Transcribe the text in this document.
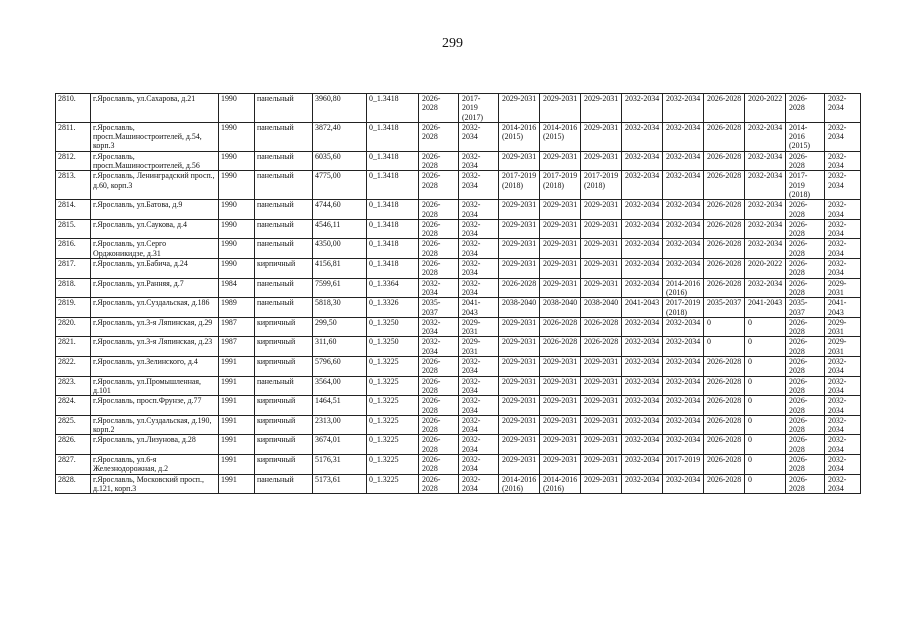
299
2810.	г.Ярославль, ул.Сахарова, д.21	1990	панельный	3960,80	0_1.3418	2026-2028	2017-2019 (2017)	2029-2031	2029-2031	2029-2031	2032-2034	2032-2034	2026-2028	2020-2022	2026-2028	2032-2034
2811.	г.Ярославль, просп.Машиностроителей, д.54, корп.3	1990	панельный	3872,40	0_1.3418	2026-2028	2032-2034	2014-2016 (2015)	2014-2016 (2015)	2029-2031	2032-2034	2032-2034	2026-2028	2032-2034	2014-2016 (2015)	2032-2034
2812.	г.Ярославль, просп.Машиностроителей, д.56	1990	панельный	6035,60	0_1.3418	2026-2028	2032-2034	2029-2031	2029-2031	2029-2031	2032-2034	2032-2034	2026-2028	2032-2034	2026-2028	2032-2034
2813.	г.Ярославль, Ленинградский просп., д.60, корп.3	1990	панельный	4775,00	0_1.3418	2026-2028	2032-2034	2017-2019 (2018)	2017-2019 (2018)	2017-2019 (2018)	2032-2034	2032-2034	2026-2028	2032-2034	2017-2019 (2018)	2032-2034
2814.	г.Ярославль, ул.Батова, д.9	1990	панельный	4744,60	0_1.3418	2026-2028	2032-2034	2029-2031	2029-2031	2029-2031	2032-2034	2032-2034	2026-2028	2032-2034	2026-2028	2032-2034
2815.	г.Ярославль, ул.Саукова, д.4	1990	панельный	4546,11	0_1.3418	2026-2028	2032-2034	2029-2031	2029-2031	2029-2031	2032-2034	2032-2034	2026-2028	2032-2034	2026-2028	2032-2034
2816.	г.Ярославль, ул.Серго Орджоникидзе, д.31	1990	панельный	4350,00	0_1.3418	2026-2028	2032-2034	2029-2031	2029-2031	2029-2031	2032-2034	2032-2034	2026-2028	2032-2034	2026-2028	2032-2034
2817.	г.Ярославль, ул.Бабича, д.24	1990	кирпичный	4156,81	0_1.3418	2026-2028	2032-2034	2029-2031	2029-2031	2029-2031	2032-2034	2032-2034	2026-2028	2020-2022	2026-2028	2032-2034
2818.	г.Ярославль, ул.Ранняя, д.7	1984	панельный	7599,61	0_1.3364	2032-2034	2032-2034	2026-2028	2029-2031	2029-2031	2032-2034	2014-2016 (2016)	2026-2028	2032-2034	2026-2028	2029-2031
2819.	г.Ярославль, ул.Суздальская, д.186	1989	панельный	5818,30	0_1.3326	2035-2037	2041-2043	2038-2040	2038-2040	2038-2040	2041-2043	2017-2019 (2018)	2035-2037	2041-2043	2035-2037	2041-2043
2820.	г.Ярославль, ул.3-я Ляпинская, д.29	1987	кирпичный	299,50	0_1.3250	2032-2034	2029-2031	2029-2031	2026-2028	2026-2028	2032-2034	2032-2034	0	0	2026-2028	2029-2031
2821.	г.Ярославль, ул.3-я Ляпинская, д.23	1987	кирпичный	311,60	0_1.3250	2032-2034	2029-2031	2029-2031	2026-2028	2026-2028	2032-2034	2032-2034	0	0	2026-2028	2029-2031
2822.	г.Ярославль, ул.Зелинского, д.4	1991	кирпичный	5796,60	0_1.3225	2026-2028	2032-2034	2029-2031	2029-2031	2029-2031	2032-2034	2032-2034	2026-2028	0	2026-2028	2032-2034
2823.	г.Ярославль, ул.Промышленная, д.101	1991	панельный	3564,00	0_1.3225	2026-2028	2032-2034	2029-2031	2029-2031	2029-2031	2032-2034	2032-2034	2026-2028	0	2026-2028	2032-2034
2824.	г.Ярославль, просп.Фрунзе, д.77	1991	кирпичный	1464,51	0_1.3225	2026-2028	2032-2034	2029-2031	2029-2031	2029-2031	2032-2034	2032-2034	2026-2028	0	2026-2028	2032-2034
2825.	г.Ярославль, ул.Суздальская, д.190, корп.2	1991	кирпичный	2313,00	0_1.3225	2026-2028	2032-2034	2029-2031	2029-2031	2029-2031	2032-2034	2032-2034	2026-2028	0	2026-2028	2032-2034
2826.	г.Ярославль, ул.Лизунова, д.28	1991	кирпичный	3674,01	0_1.3225	2026-2028	2032-2034	2029-2031	2029-2031	2029-2031	2032-2034	2032-2034	2026-2028	0	2026-2028	2032-2034
2827.	г.Ярославль, ул.6-я Железнодорожная, д.2	1991	кирпичный	5176,31	0_1.3225	2026-2028	2032-2034	2029-2031	2029-2031	2029-2031	2032-2034	2017-2019	2026-2028	0	2026-2028	2032-2034
2828.	г.Ярославль, Московский просп., д.121, корп.3	1991	панельный	5173,61	0_1.3225	2026-2028	2032-2034	2014-2016 (2016)	2014-2016 (2016)	2029-2031	2032-2034	2032-2034	2026-2028	0	2026-2028	2032-2034
